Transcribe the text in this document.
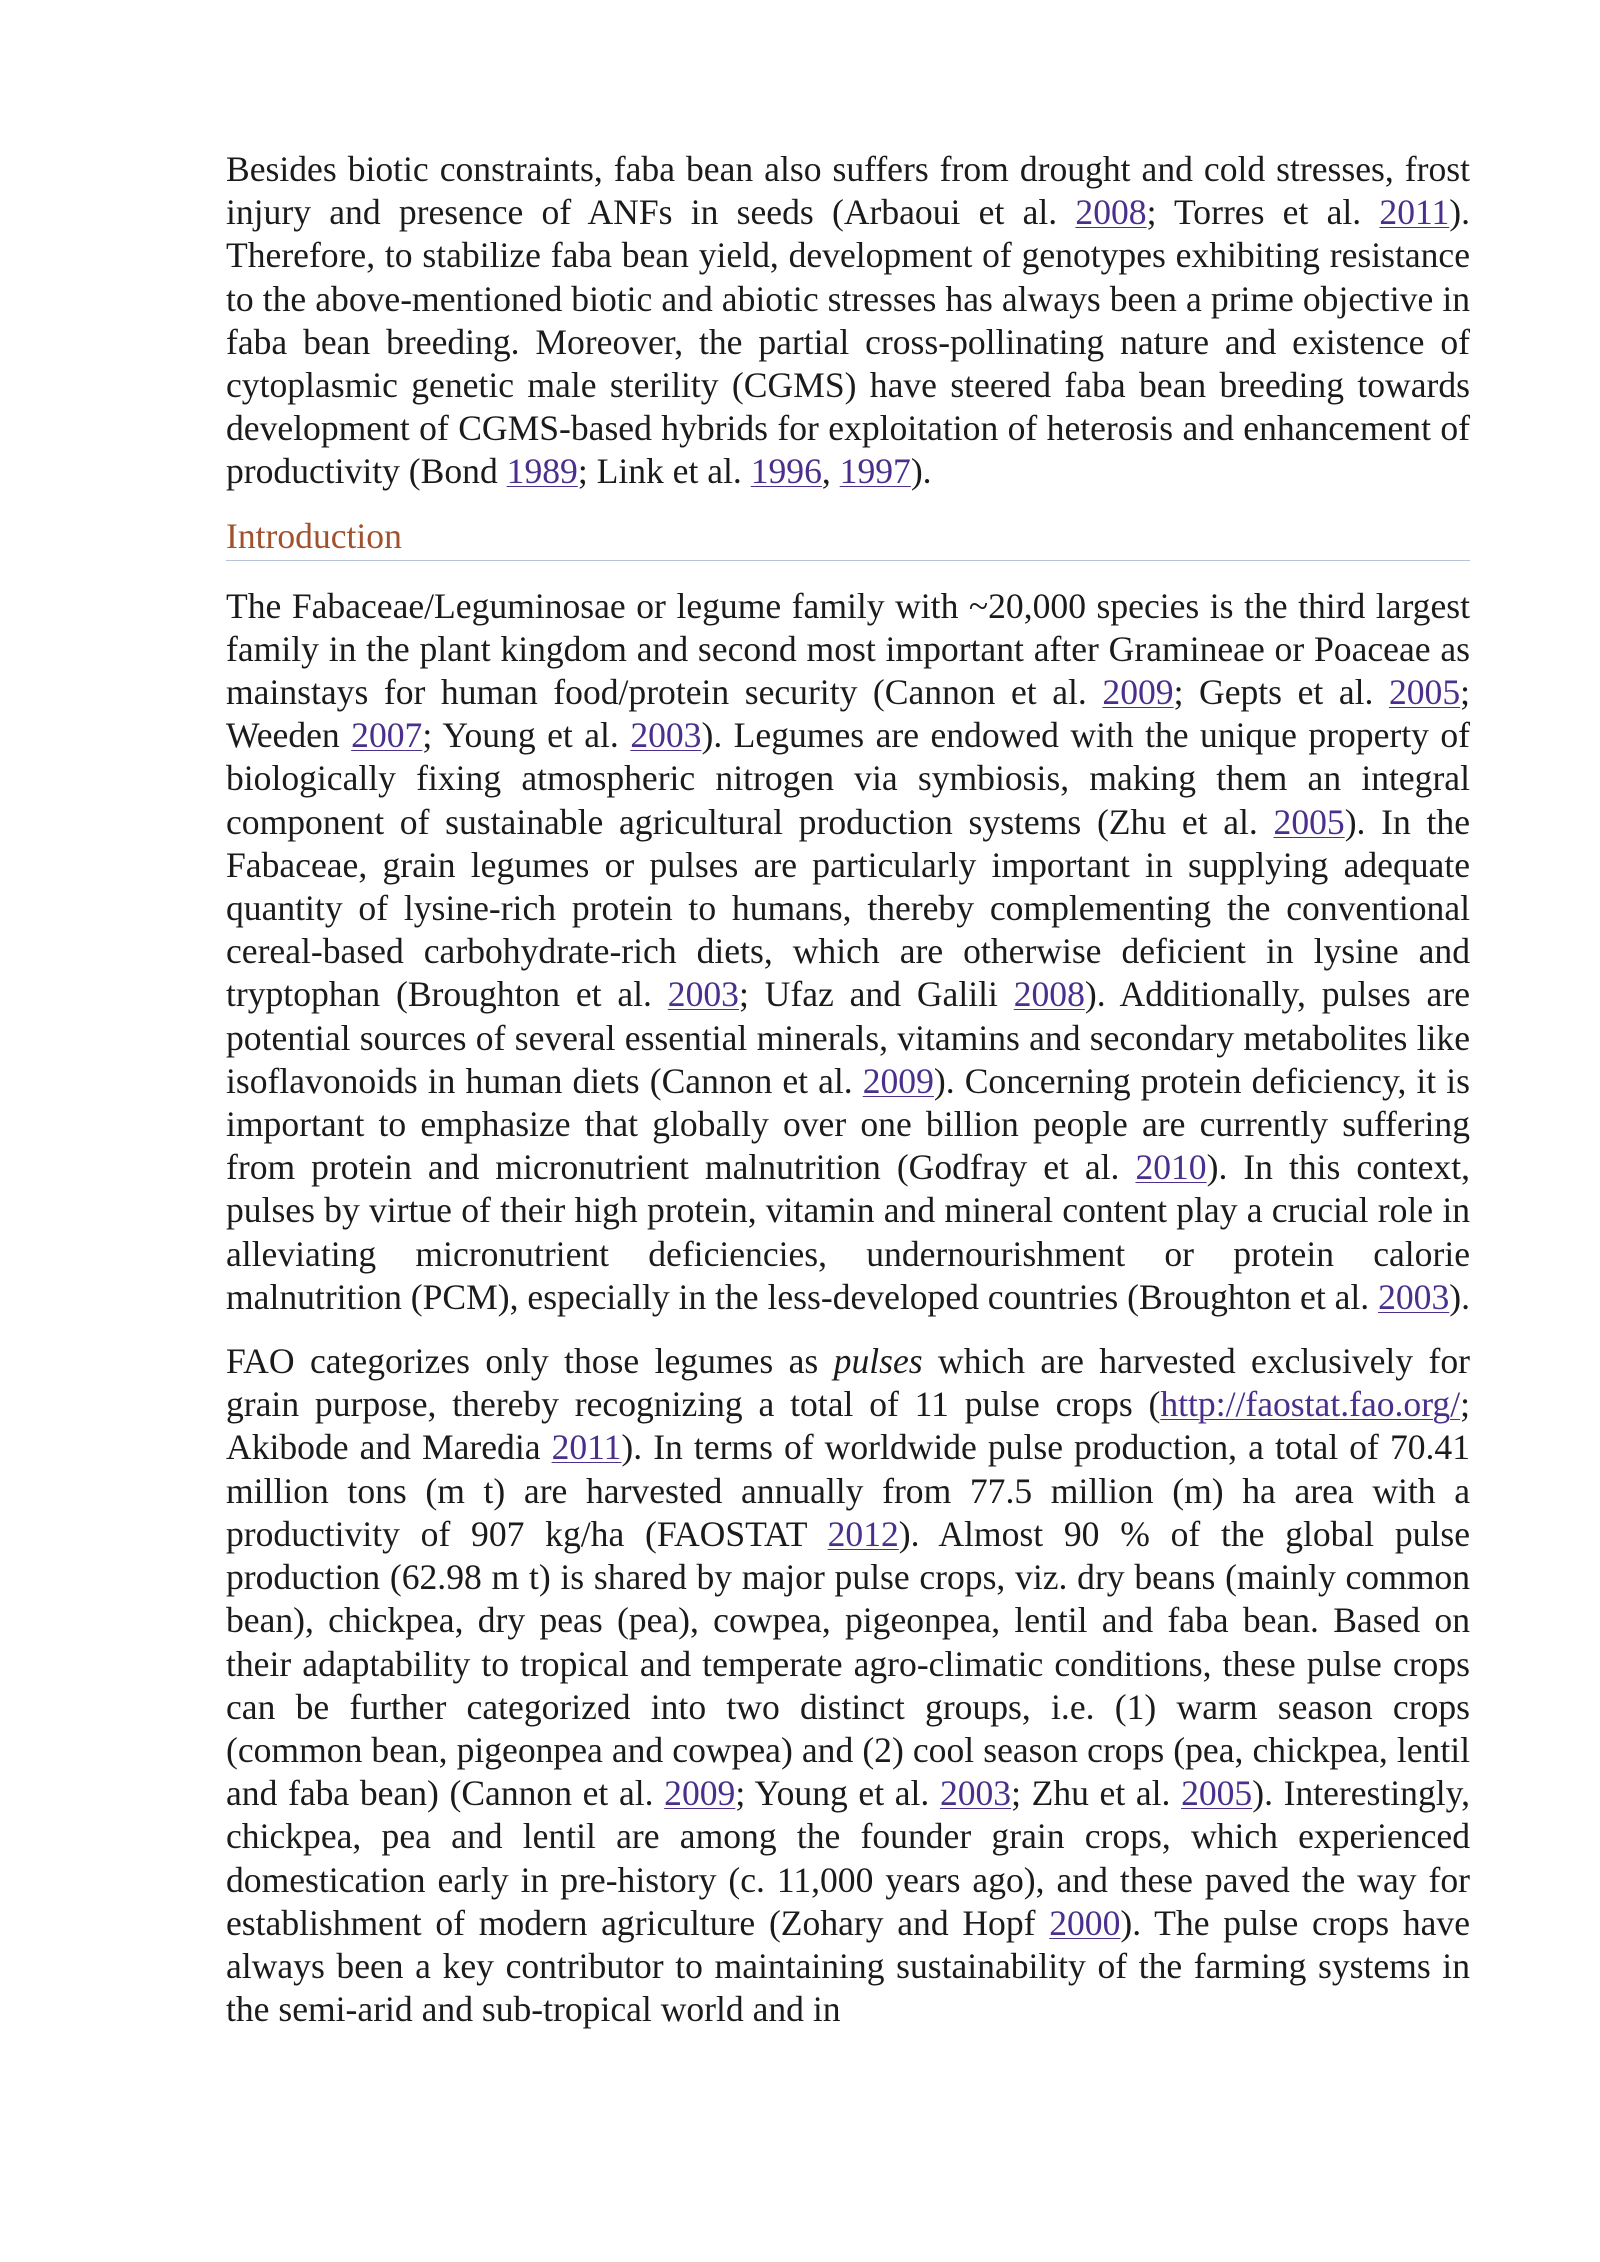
Besides biotic constraints, faba bean also suffers from drought and cold stresses, frost injury and presence of ANFs in seeds (Arbaoui et al. 2008; Torres et al. 2011). Therefore, to stabilize faba bean yield, development of genotypes exhibiting resistance to the above-mentioned biotic and abiotic stresses has always been a prime objective in faba bean breeding. Moreover, the partial cross-pollinating nature and existence of cytoplasmic genetic male sterility (CGMS) have steered faba bean breeding towards development of CGMS-based hybrids for exploitation of heterosis and enhancement of productivity (Bond 1989; Link et al. 1996, 1997).

Introduction

The Fabaceae/Leguminosae or legume family with ~20,000 species is the third largest family in the plant kingdom and second most important after Gramineae or Poaceae as mainstays for human food/protein security (Cannon et al. 2009; Gepts et al. 2005; Weeden 2007; Young et al. 2003). Legumes are endowed with the unique property of biologically fixing atmospheric nitrogen via symbiosis, making them an integral component of sustainable agricultural production systems (Zhu et al. 2005). In the Fabaceae, grain legumes or pulses are particularly important in supplying adequate quantity of lysine-rich protein to humans, thereby complementing the conventional cereal-based carbohydrate-rich diets, which are otherwise deficient in lysine and tryptophan (Broughton et al. 2003; Ufaz and Galili 2008). Additionally, pulses are potential sources of several essential minerals, vitamins and secondary metabolites like isoflavonoids in human diets (Cannon et al. 2009). Concerning protein deficiency, it is important to emphasize that globally over one billion people are currently suffering from protein and micronutrient malnutrition (Godfray et al. 2010). In this context, pulses by virtue of their high protein, vitamin and mineral content play a crucial role in alleviating micronutrient deficiencies, undernourishment or protein calorie malnutrition (PCM), especially in the less-developed countries (Broughton et al. 2003).

FAO categorizes only those legumes as pulses which are harvested exclusively for grain purpose, thereby recognizing a total of 11 pulse crops (http://faostat.fao.org/; Akibode and Maredia 2011). In terms of worldwide pulse production, a total of 70.41 million tons (m t) are harvested annually from 77.5 million (m) ha area with a productivity of 907 kg/ha (FAOSTAT 2012). Almost 90 % of the global pulse production (62.98 m t) is shared by major pulse crops, viz. dry beans (mainly common bean), chickpea, dry peas (pea), cowpea, pigeonpea, lentil and faba bean. Based on their adaptability to tropical and temperate agro-climatic conditions, these pulse crops can be further categorized into two distinct groups, i.e. (1) warm season crops (common bean, pigeonpea and cowpea) and (2) cool season crops (pea, chickpea, lentil and faba bean) (Cannon et al. 2009; Young et al. 2003; Zhu et al. 2005). Interestingly, chickpea, pea and lentil are among the founder grain crops, which experienced domestication early in pre-history (c. 11,000 years ago), and these paved the way for establishment of modern agriculture (Zohary and Hopf 2000). The pulse crops have always been a key contributor to maintaining sustainability of the farming systems in the semi-arid and sub-tropical world and in
